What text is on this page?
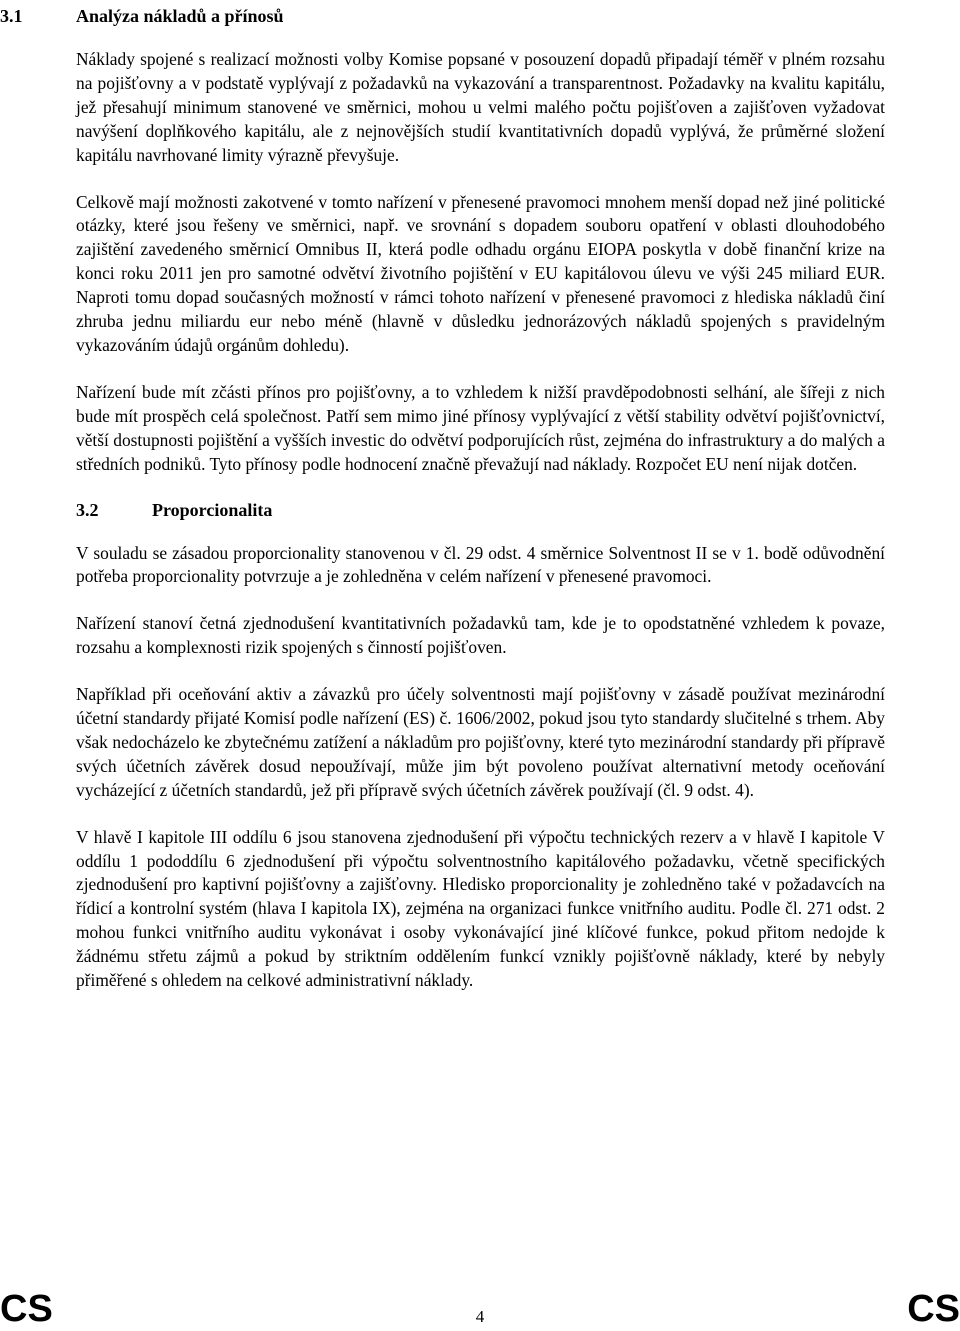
3.1	Analýza nákladů a přínosů

Náklady spojené s realizací možnosti volby Komise popsané v posouzení dopadů připadají téměř v plném rozsahu na pojišťovny a v podstatě vyplývají z požadavků na vykazování a transparentnost. Požadavky na kvalitu kapitálu, jež přesahují minimum stanovené ve směrnici, mohou u velmi malého počtu pojišťoven a zajišťoven vyžadovat navýšení doplňkového kapitálu, ale z nejnovějších studií kvantitativních dopadů vyplývá, že průměrné složení kapitálu navrhované limity výrazně převyšuje.

Celkově mají možnosti zakotvené v tomto nařízení v přenesené pravomoci mnohem menší dopad než jiné politické otázky, které jsou řešeny ve směrnici, např. ve srovnání s dopadem souboru opatření v oblasti dlouhodobého zajištění zavedeného směrnicí Omnibus II, která podle odhadu orgánu EIOPA poskytla v době finanční krize na konci roku 2011 jen pro samotné odvětví životního pojištění v EU kapitálovou úlevu ve výši 245 miliard EUR. Naproti tomu dopad současných možností v rámci tohoto nařízení v přenesené pravomoci z hlediska nákladů činí zhruba jednu miliardu eur nebo méně (hlavně v důsledku jednorázových nákladů spojených s pravidelným vykazováním údajů orgánům dohledu).

Nařízení bude mít zčásti přínos pro pojišťovny, a to vzhledem k nižší pravděpodobnosti selhání, ale šířeji z nich bude mít prospěch celá společnost. Patří sem mimo jiné přínosy vyplývající z větší stability odvětví pojišťovnictví, větší dostupnosti pojištění a vyšších investic do odvětví podporujících růst, zejména do infrastruktury a do malých a středních podniků. Tyto přínosy podle hodnocení značně převažují nad náklady. Rozpočet EU není nijak dotčen.

3.2	Proporcionalita

V souladu se zásadou proporcionality stanovenou v čl. 29 odst. 4 směrnice Solventnost II se v 1. bodě odůvodnění potřeba proporcionality potvrzuje a je zohledněna v celém nařízení v přenesené pravomoci.

Nařízení stanoví četná zjednodušení kvantitativních požadavků tam, kde je to opodstatněné vzhledem k povaze, rozsahu a komplexnosti rizik spojených s činností pojišťoven.

Například při oceňování aktiv a závazků pro účely solventnosti mají pojišťovny v zásadě používat mezinárodní účetní standardy přijaté Komisí podle nařízení (ES) č. 1606/2002, pokud jsou tyto standardy slučitelné s trhem. Aby však nedocházelo ke zbytečnému zatížení a nákladům pro pojišťovny, které tyto mezinárodní standardy při přípravě svých účetních závěrek dosud nepoužívají, může jim být povoleno používat alternativní metody oceňování vycházející z účetních standardů, jež při přípravě svých účetních závěrek používají (čl. 9 odst. 4).

V hlavě I kapitole III oddílu 6 jsou stanovena zjednodušení při výpočtu technických rezerv a v hlavě I kapitole V oddílu 1 pododdílu 6 zjednodušení při výpočtu solventnostního kapitálového požadavku, včetně specifických zjednodušení pro kaptivní pojišťovny a zajišťovny. Hledisko proporcionality je zohledněno také v požadavcích na řídicí a kontrolní systém (hlava I kapitola IX), zejména na organizaci funkce vnitřního auditu. Podle čl. 271 odst. 2 mohou funkci vnitřního auditu vykonávat i osoby vykonávající jiné klíčové funkce, pokud přitom nedojde k žádnému střetu zájmů a pokud by striktním oddělením funkcí vznikly pojišťovně náklady, které by nebyly přiměřené s ohledem na celkové administrativní náklady.

CS	4	CS
